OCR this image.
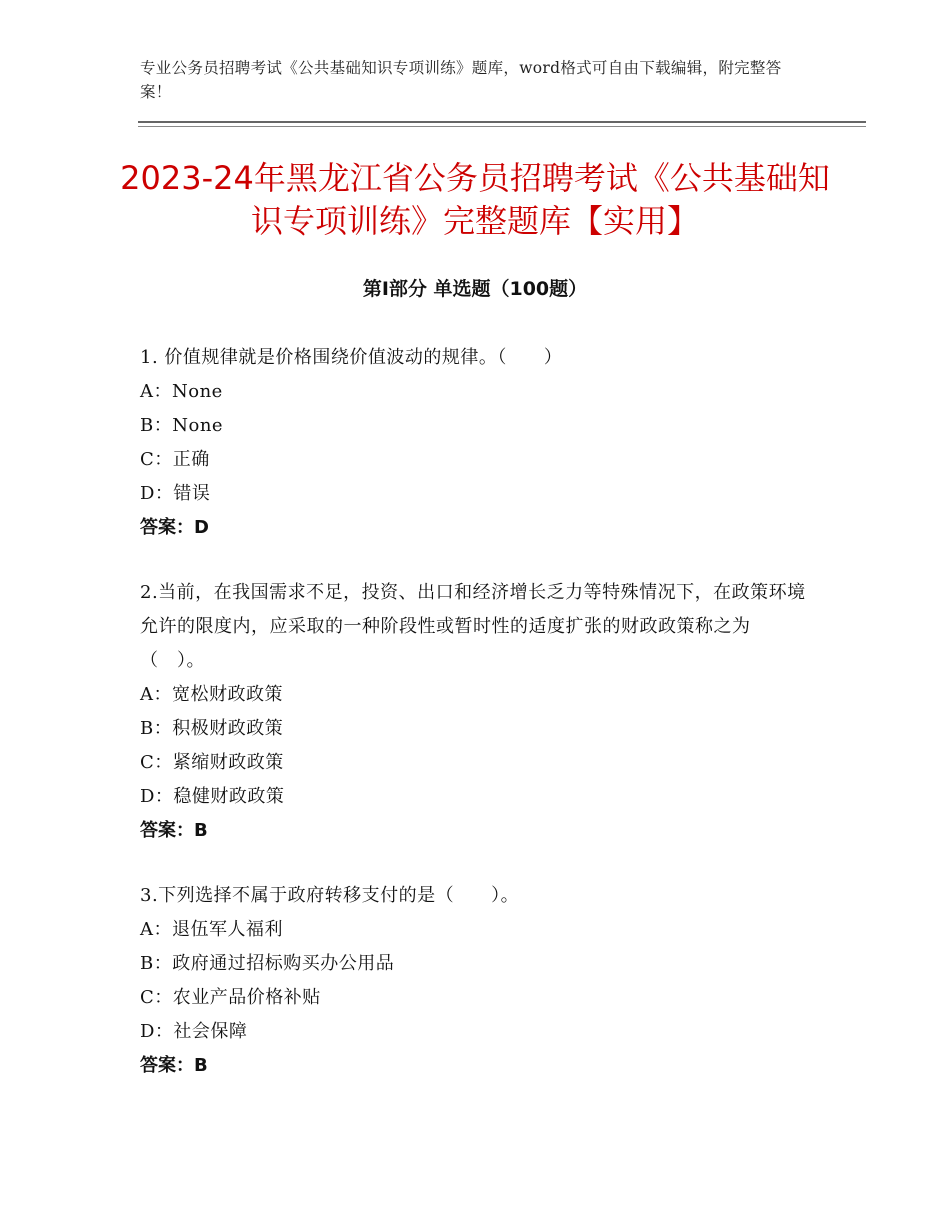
专业公务员招聘考试《公共基础知识专项训练》题库，word格式可自由下载编辑，附完整答案！
2023-24年黑龙江省公务员招聘考试《公共基础知识专项训练》完整题库【实用】
第Ⅰ部分 单选题（100题）
1. 价值规律就是价格围绕价值波动的规律。（　　）
A：None
B：None
C：正确
D：错误
答案：D
2.当前，在我国需求不足，投资、出口和经济增长乏力等特殊情况下，在政策环境允许的限度内，应采取的一种阶段性或暂时性的适度扩张的财政政策称之为（　）。
A：宽松财政政策
B：积极财政政策
C：紧缩财政政策
D：稳健财政政策
答案：B
3.下列选择不属于政府转移支付的是（　　）。
A：退伍军人福利
B：政府通过招标购买办公用品
C：农业产品价格补贴
D：社会保障
答案：B
